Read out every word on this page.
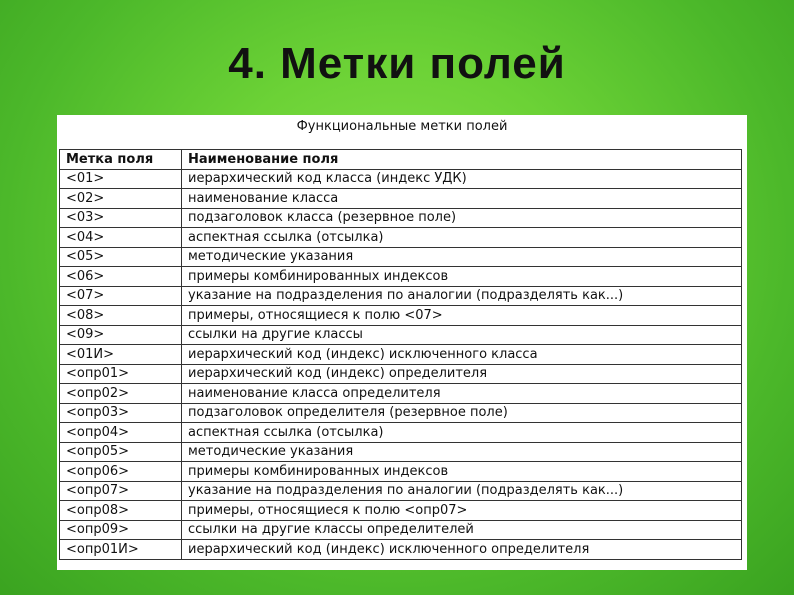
4. Метки полей
Функциональные метки полей
Метка поля	Наименование поля
<01>	иерархический код класса (индекс УДК)
<02>	наименование класса
<03>	подзаголовок класса (резервное поле)
<04>	аспектная ссылка (отсылка)
<05>	методические указания
<06>	примеры комбинированных индексов
<07>	указание на подразделения по аналогии (подразделять как...)
<08>	примеры, относящиеся к полю <07>
<09>	ссылки на другие классы
<01И>	иерархический код (индекс) исключенного класса
<опр01>	иерархический код (индекс) определителя
<опр02>	наименование класса определителя
<опр03>	подзаголовок определителя (резервное поле)
<опр04>	аспектная ссылка (отсылка)
<опр05>	методические указания
<опр06>	примеры комбинированных индексов
<опр07>	указание на подразделения по аналогии (подразделять как...)
<опр08>	примеры, относящиеся к полю <опр07>
<опр09>	ссылки на другие классы определителей
<опр01И>	иерархический код (индекс) исключенного определителя
